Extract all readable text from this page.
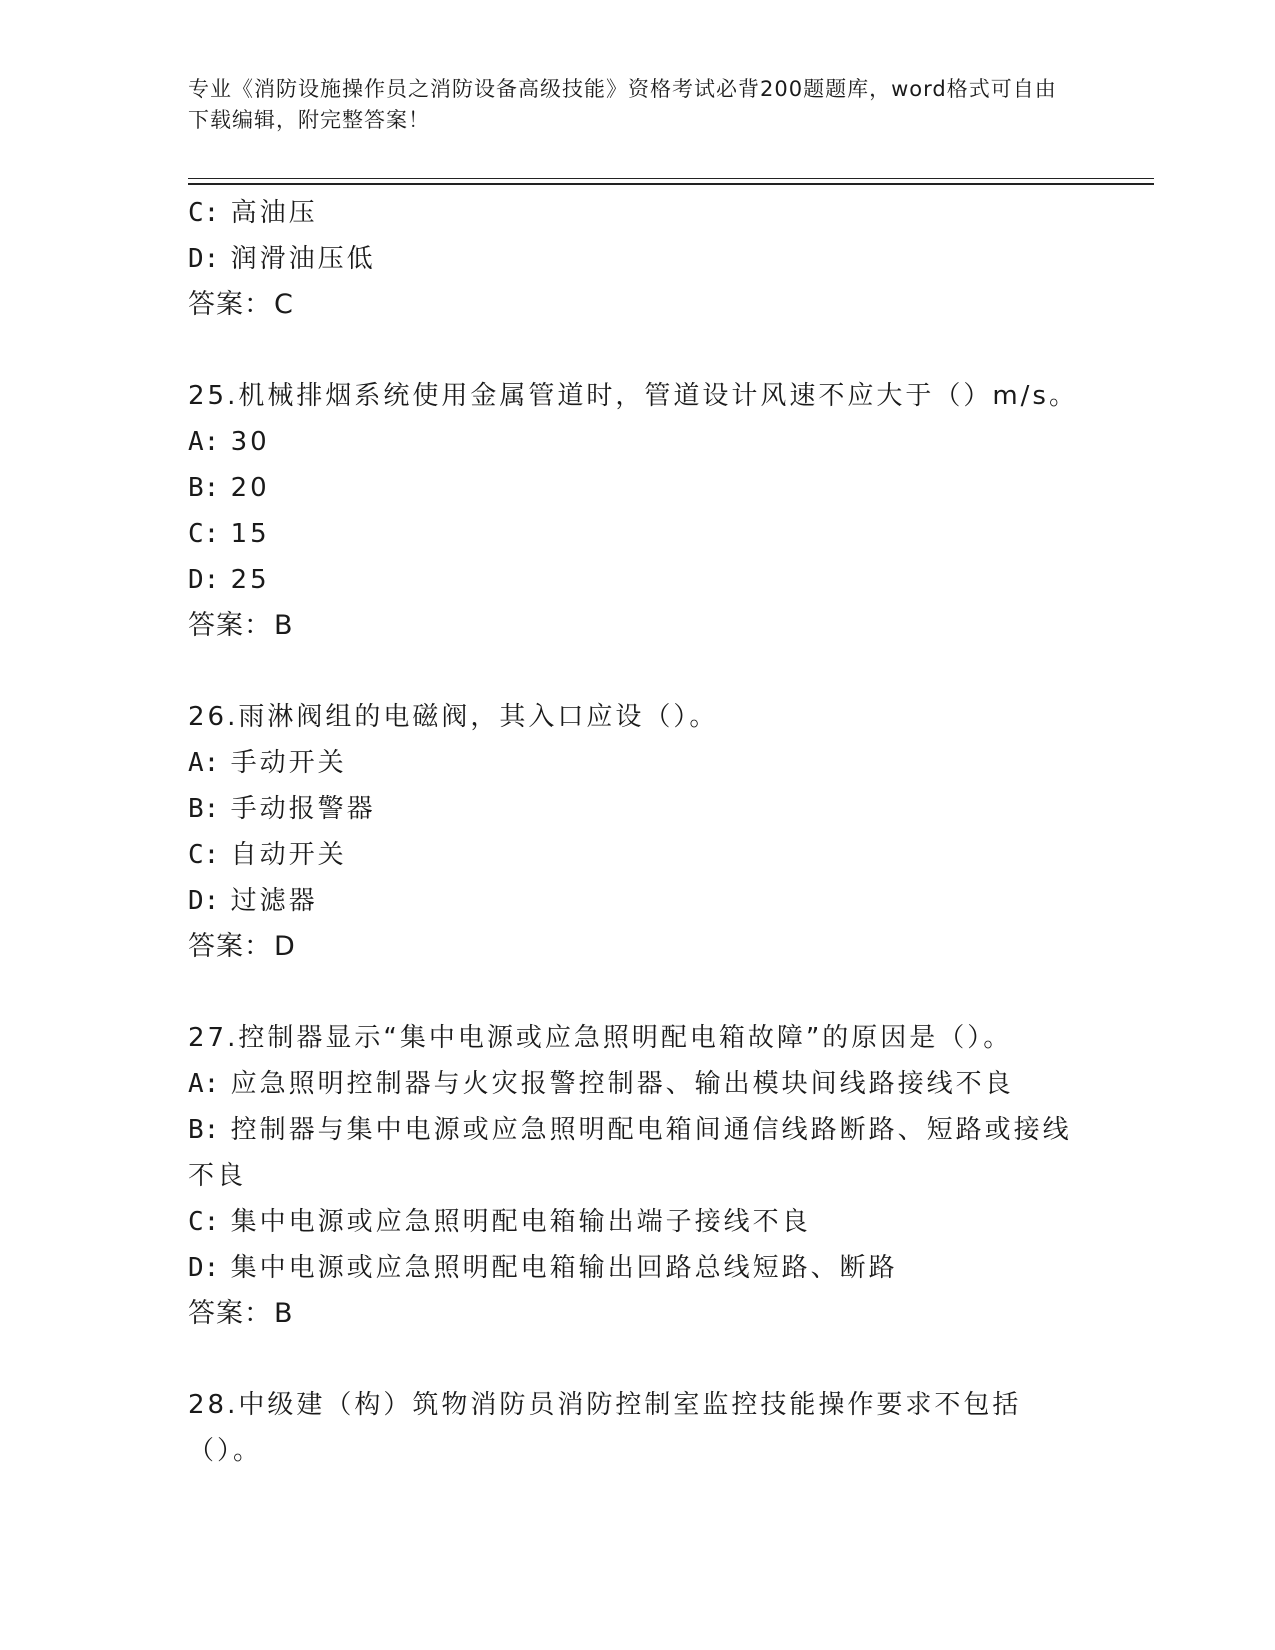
专业《消防设施操作员之消防设备高级技能》资格考试必背200题题库，word格式可自由下载编辑，附完整答案！
C: 高油压
D: 润滑油压低
答案：C
25.机械排烟系统使用金属管道时，管道设计风速不应大于（）m/s。
A: 30
B: 20
C: 15
D: 25
答案：B
26.雨淋阀组的电磁阀，其入口应设（）。
A: 手动开关
B: 手动报警器
C: 自动开关
D: 过滤器
答案：D
27.控制器显示“集中电源或应急照明配电箱故障”的原因是（）。
A: 应急照明控制器与火灾报警控制器、输出模块间线路接线不良
B: 控制器与集中电源或应急照明配电箱间通信线路断路、短路或接线不良
C: 集中电源或应急照明配电箱输出端子接线不良
D: 集中电源或应急照明配电箱输出回路总线短路、断路
答案：B
28.中级建（构）筑物消防员消防控制室监控技能操作要求不包括（）。
